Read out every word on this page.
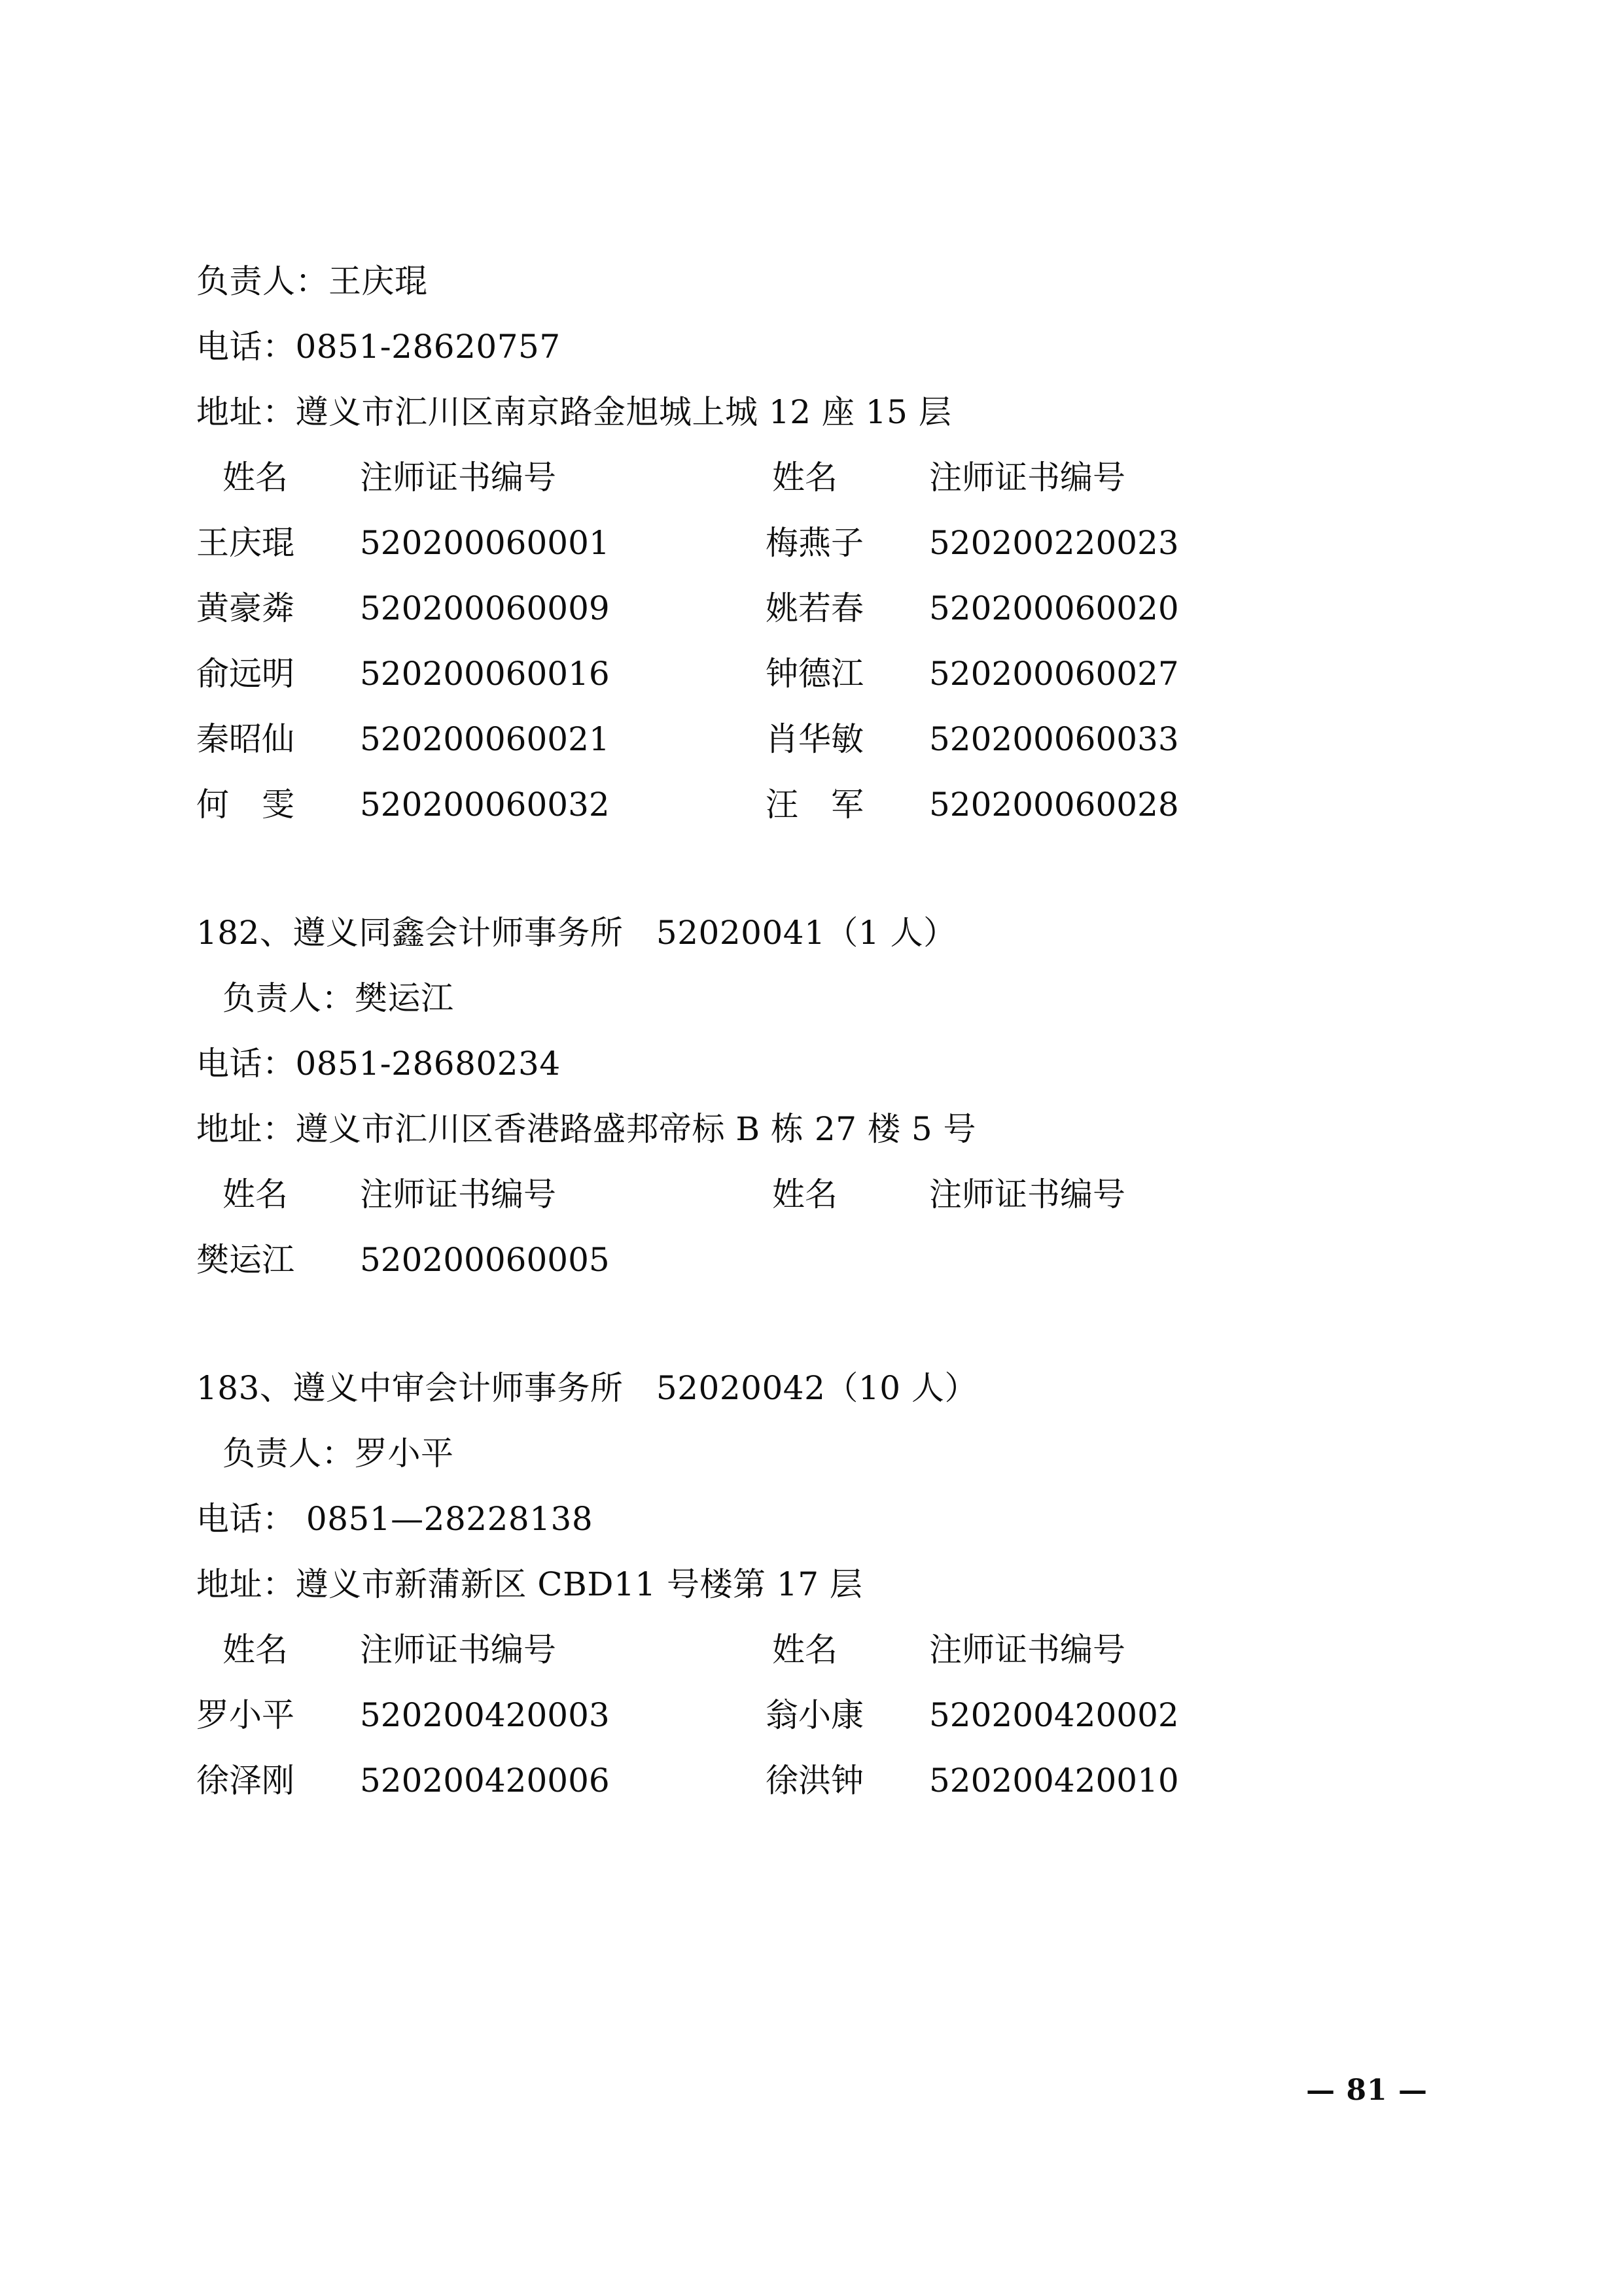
负责人：王庆琨
电话：0851-28620757
地址：遵义市汇川区南京路金旭城上城 12 座 15 层
姓名	注师证书编号	姓名	注师证书编号
王庆琨	520200060001	梅燕子	520200220023
黄豪粦	520200060009	姚若春	520200060020
俞远明	520200060016	钟德江	520200060027
秦昭仙	520200060021	肖华敏	520200060033
何　雯	520200060032	汪　军	520200060028
182、遵义同鑫会计师事务所　52020041（1 人）
负责人：樊运江
电话：0851-28680234
地址：遵义市汇川区香港路盛邦帝标 B 栋 27 楼 5 号
姓名	注师证书编号	姓名	注师证书编号
樊运江	520200060005
183、遵义中审会计师事务所　52020042（10 人）
负责人：罗小平
电话： 0851—28228138
地址：遵义市新蒲新区 CBD11 号楼第 17 层
姓名	注师证书编号	姓名	注师证书编号
罗小平	520200420003	翁小康	520200420002
徐泽刚	520200420006	徐洪钟	520200420010
— 81 —
